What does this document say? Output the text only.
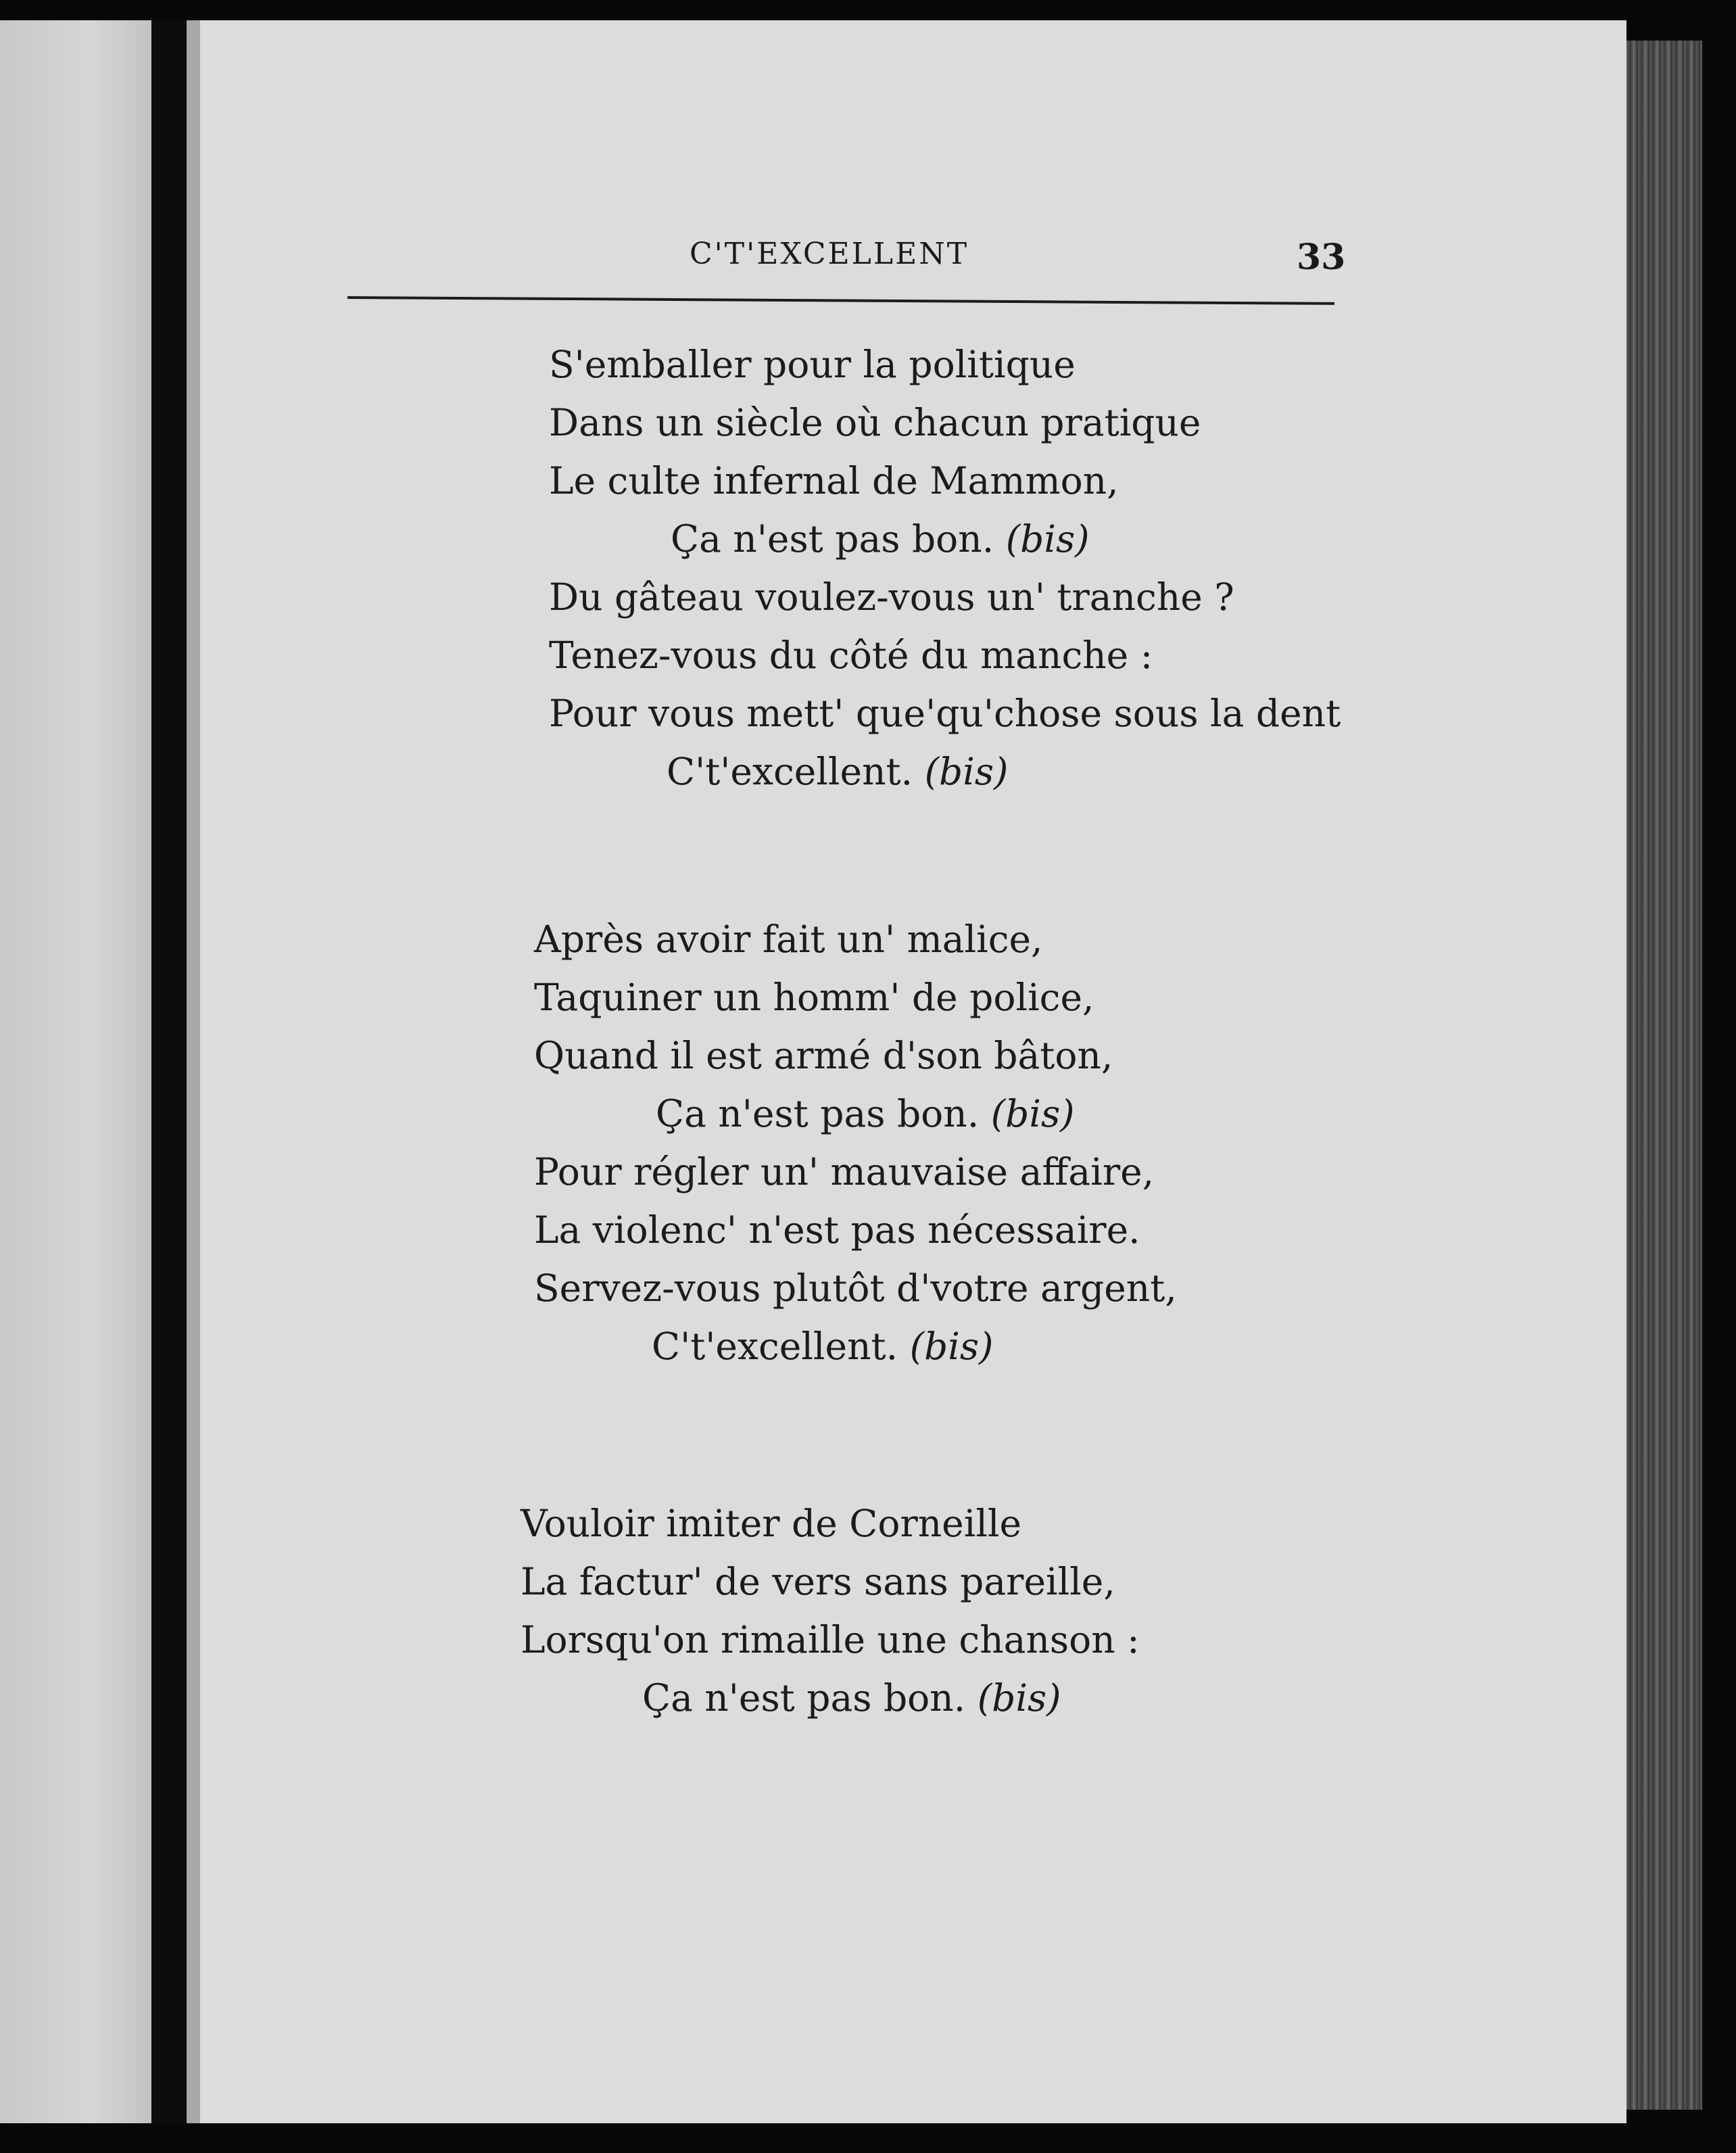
C'T'EXCELLENT	33
S'emballer pour la politique
Dans un siècle où chacun pratique
Le culte infernal de Mammon,
Ça n'est pas bon. (bis)
Du gâteau voulez-vous un' tranche ?
Tenez-vous du côté du manche :
Pour vous mett' que'qu'chose sous la dent
C't'excellent. (bis)
Après avoir fait un' malice,
Taquiner un homm' de police,
Quand il est armé d'son bâton,
Ça n'est pas bon. (bis)
Pour régler un' mauvaise affaire,
La violenc' n'est pas nécessaire.
Servez-vous plutôt d'votre argent,
C't'excellent. (bis)
Vouloir imiter de Corneille
La factur' de vers sans pareille,
Lorsqu'on rimaille une chanson :
Ça n'est pas bon. (bis)
